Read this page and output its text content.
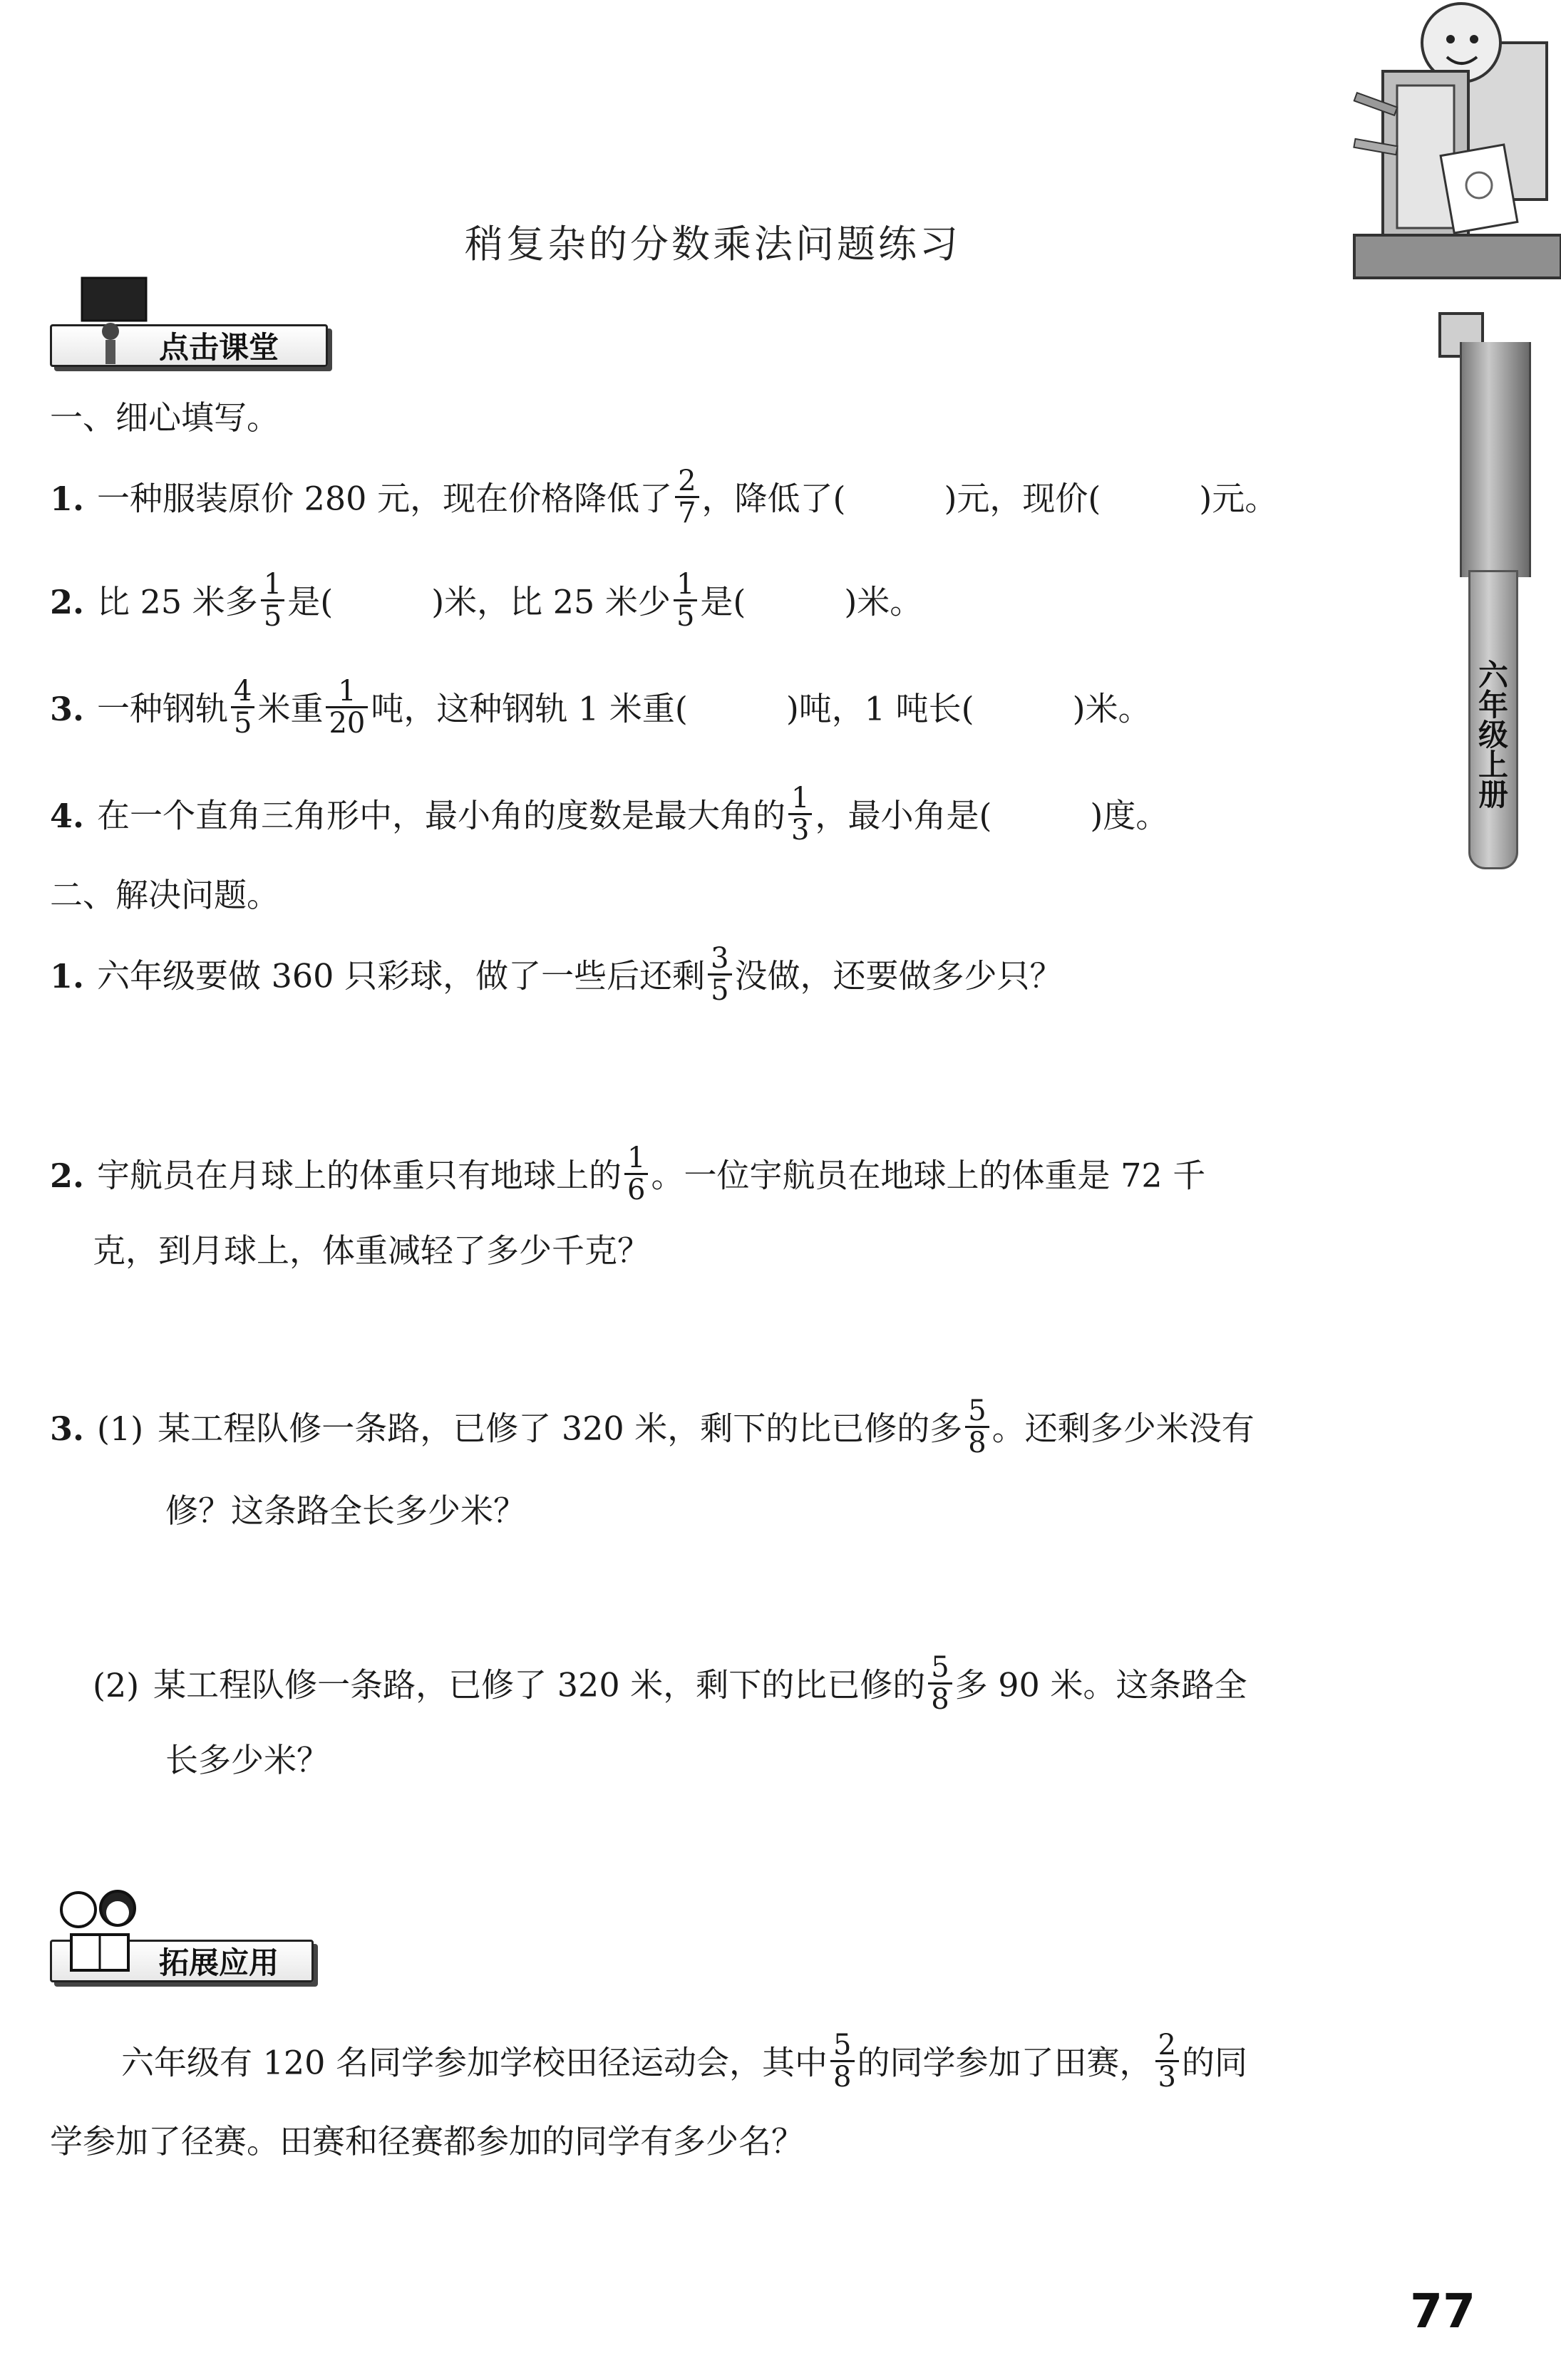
六年级上册
稍复杂的分数乘法问题练习
点击课堂
一、细心填写。
1. 一种服装原价 280 元，现在价格降低了 $\frac{2}{7}$ ，降低了(　　　)元，现价(　　　)元。
2. 比 25 米多 $\frac{1}{5}$ 是(　　　)米，比 25 米少 $\frac{1}{5}$ 是(　　　)米。
3. 一种钢轨 $\frac{4}{5}$ 米重 $\frac{1}{20}$ 吨，这种钢轨 1 米重(　　　)吨，1 吨长(　　　)米。
4. 在一个直角三角形中，最小角的度数是最大角的 $\frac{1}{3}$ ，最小角是(　　　)度。
二、解决问题。
1. 六年级要做 360 只彩球，做了一些后还剩 $\frac{3}{5}$ 没做，还要做多少只？
2. 宇航员在月球上的体重只有地球上的 $\frac{1}{6}$ 。一位宇航员在地球上的体重是 72 千
克，到月球上，体重减轻了多少千克？
3. (1) 某工程队修一条路，已修了 320 米，剩下的比已修的多 $\frac{5}{8}$ 。还剩多少米没有
修？这条路全长多少米？
(2) 某工程队修一条路，已修了 320 米，剩下的比已修的 $\frac{5}{8}$ 多 90 米。这条路全
长多少米？
拓展应用
六年级有 120 名同学参加学校田径运动会，其中 $\frac{5}{8}$ 的同学参加了田赛， $\frac{2}{3}$ 的同
学参加了径赛。田赛和径赛都参加的同学有多少名？
77
